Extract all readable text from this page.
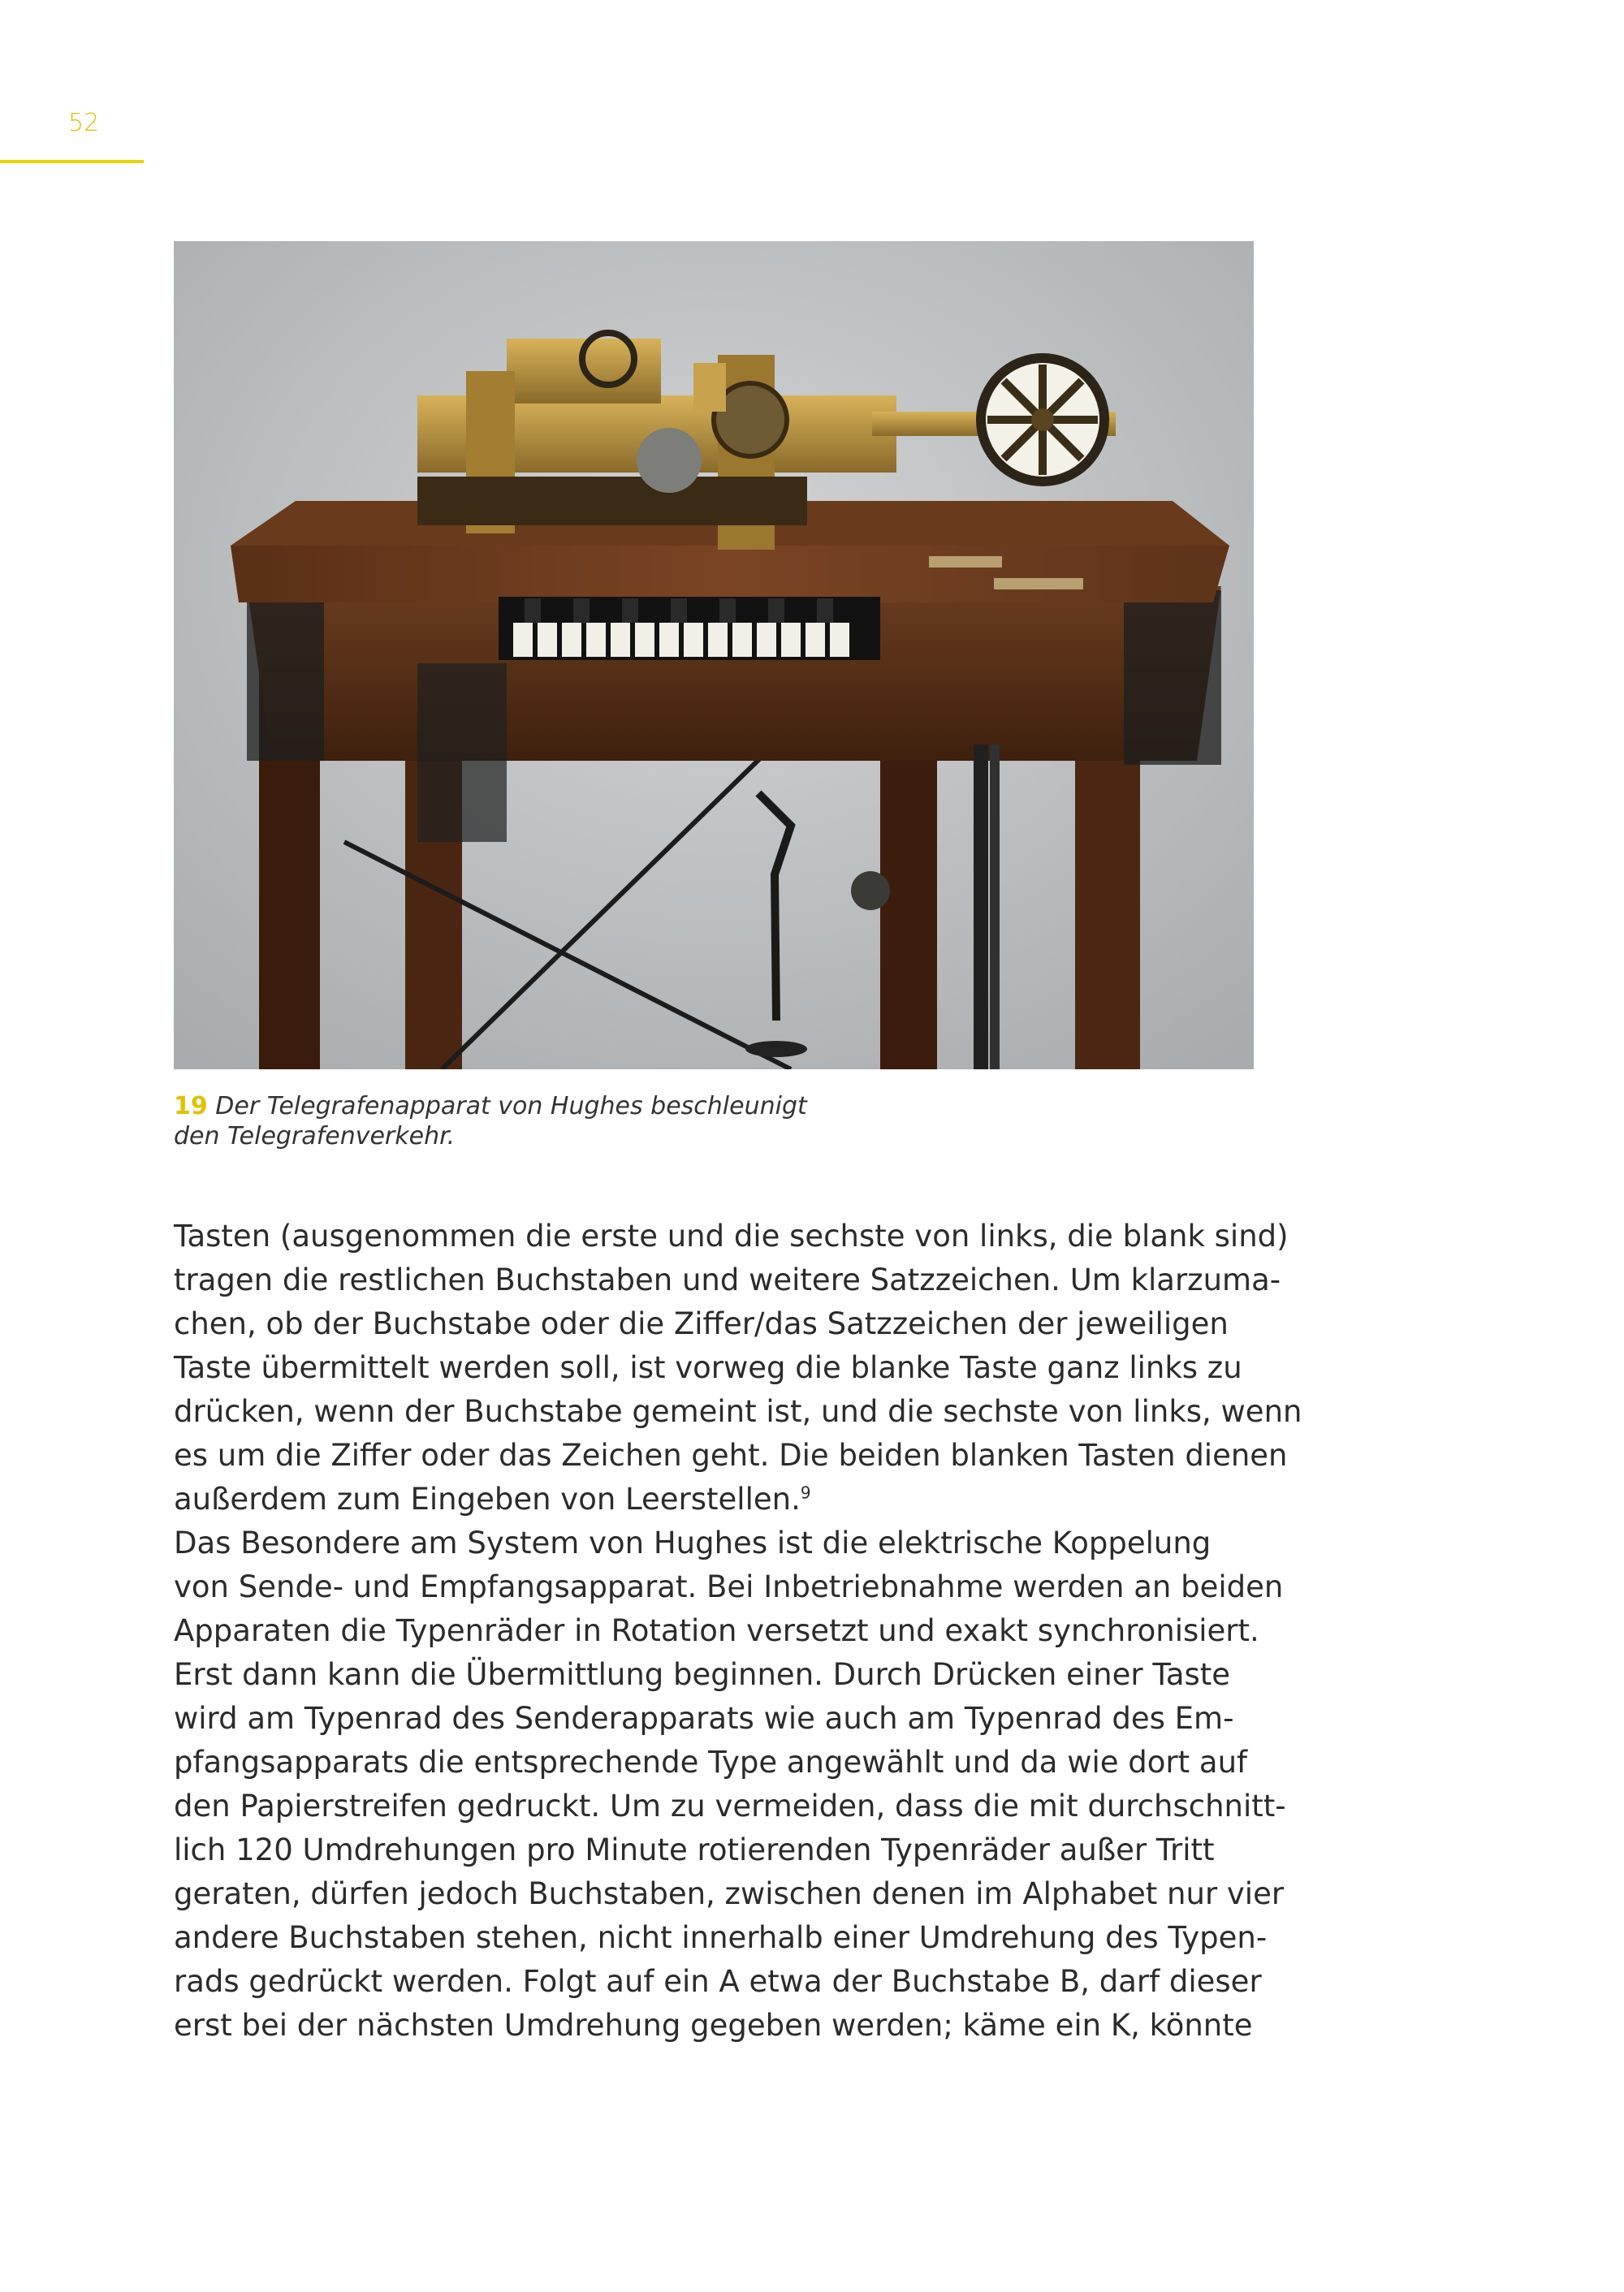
52
19 Der Telegrafenapparat von Hughes beschleunigt
den Telegrafenverkehr.

Tasten (ausgenommen die erste und die sechste von links, die blank sind)

tragen die restlichen Buchstaben und weitere Satzzeichen. Um klarzuma-

chen, ob der Buchstabe oder die Ziffer/das Satzzeichen der jeweiligen

Taste übermittelt werden soll, ist vorweg die blanke Taste ganz links zu

drücken, wenn der Buchstabe gemeint ist, und die sechste von links, wenn

es um die Ziffer oder das Zeichen geht. Die beiden blanken Tasten dienen

außerdem zum Eingeben von Leerstellen.$^9$

Das Besondere am System von Hughes ist die elektrische Koppelung

von Sende- und Empfangsapparat. Bei Inbetriebnahme werden an beiden

Apparaten die Typenräder in Rotation versetzt und exakt synchronisiert.

Erst dann kann die Übermittlung beginnen. Durch Drücken einer Taste

wird am Typenrad des Senderapparats wie auch am Typenrad des Em-

pfangsapparats die entsprechende Type angewählt und da wie dort auf

den Papierstreifen gedruckt. Um zu vermeiden, dass die mit durchschnitt-

lich 120 Umdrehungen pro Minute rotierenden Typenräder außer Tritt

geraten, dürfen jedoch Buchstaben, zwischen denen im Alphabet nur vier

andere Buchstaben stehen, nicht innerhalb einer Umdrehung des Typen-

rads gedrückt werden. Folgt auf ein A etwa der Buchstabe B, darf dieser

erst bei der nächsten Umdrehung gegeben werden; käme ein K, könnte
